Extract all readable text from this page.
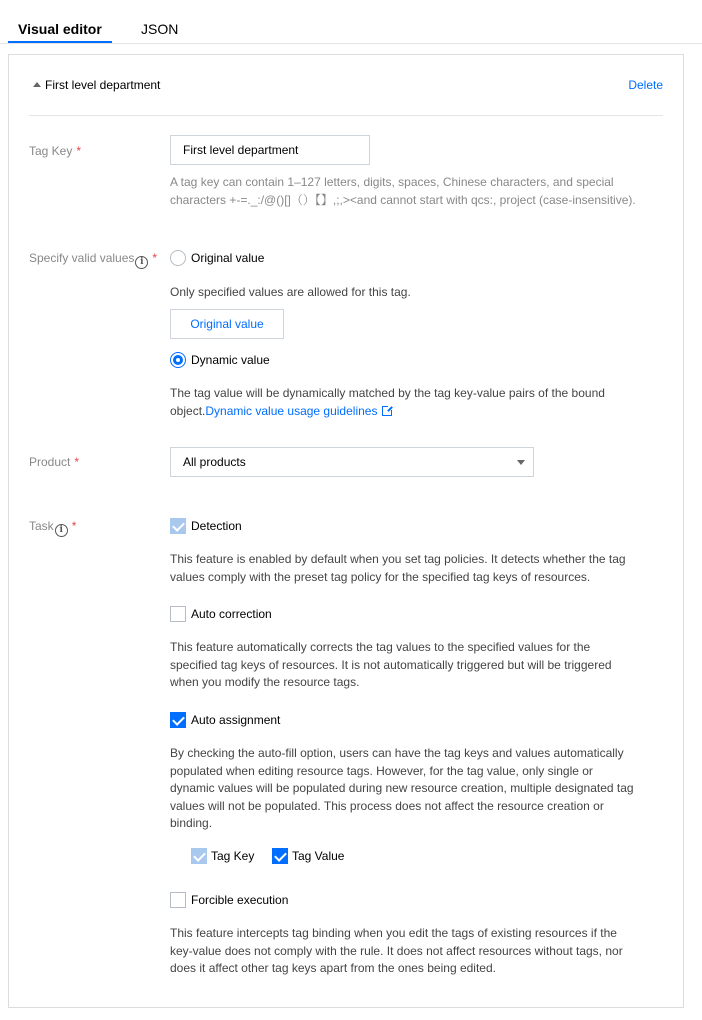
Visual editor	JSON
First level department	Delete
Tag Key *	First level department
A tag key can contain 1–127 letters, digits, spaces, Chinese characters, and special characters +-=._:/@()[]（）【】,;,><and cannot start with qcs:, project (case-insensitive).
Specify valid values i *	Original value
Only specified values are allowed for this tag.
Original value
Dynamic value
The tag value will be dynamically matched by the tag key-value pairs of the bound object.Dynamic value usage guidelines
Product *	All products
Task i *	Detection
This feature is enabled by default when you set tag policies. It detects whether the tag values comply with the preset tag policy for the specified tag keys of resources.
Auto correction
This feature automatically corrects the tag values to the specified values for the specified tag keys of resources. It is not automatically triggered but will be triggered when you modify the resource tags.
Auto assignment
By checking the auto-fill option, users can have the tag keys and values automatically populated when editing resource tags. However, for the tag value, only single or dynamic values will be populated during new resource creation, multiple designated tag values will not be populated. This process does not affect the resource creation or binding.
Tag Key	Tag Value
Forcible execution
This feature intercepts tag binding when you edit the tags of existing resources if the key-value does not comply with the rule. It does not affect resources without tags, nor does it affect other tag keys apart from the ones being edited.
